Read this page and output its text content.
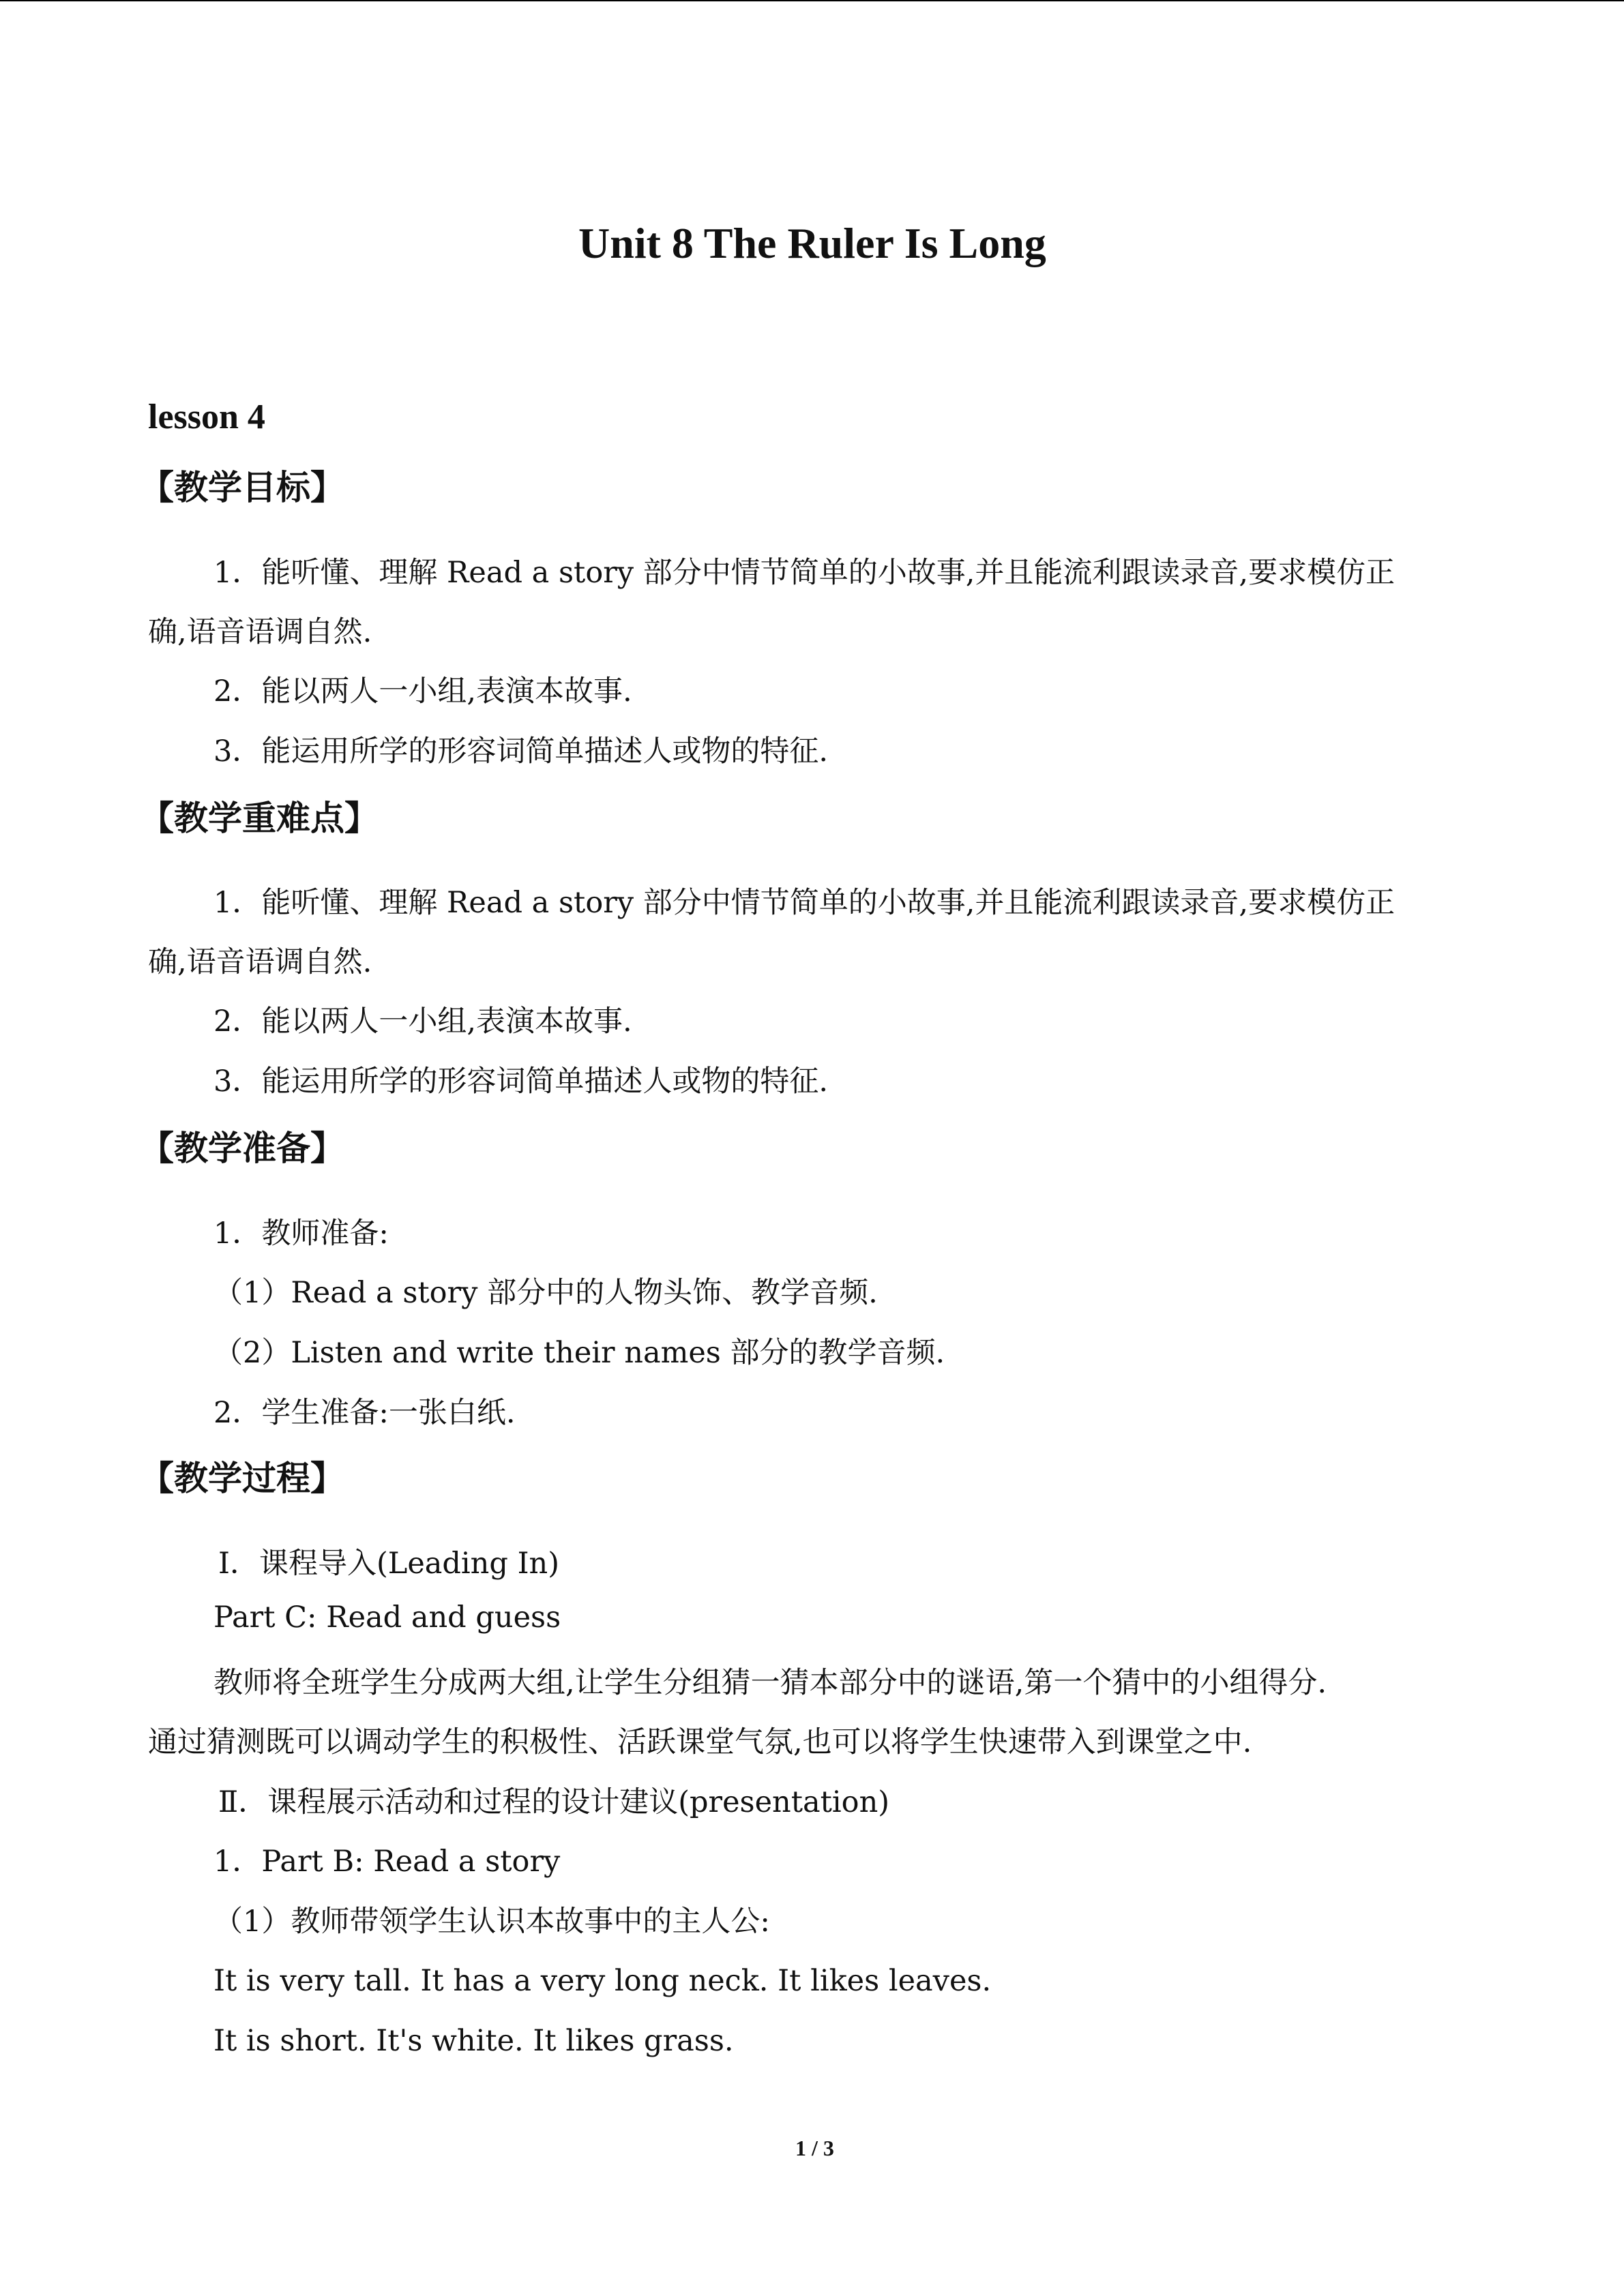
Unit 8 The Ruler Is Long
lesson 4
【教学目标】
1．能听懂、理解 Read a story 部分中情节简单的小故事,并且能流利跟读录音,要求模仿正
确,语音语调自然.
2．能以两人一小组,表演本故事.
3．能运用所学的形容词简单描述人或物的特征.
【教学重难点】
1．能听懂、理解 Read a story 部分中情节简单的小故事,并且能流利跟读录音,要求模仿正
确,语音语调自然.
2．能以两人一小组,表演本故事.
3．能运用所学的形容词简单描述人或物的特征.
【教学准备】
1．教师准备:
（1）Read a story 部分中的人物头饰、教学音频.
（2）Listen and write their names 部分的教学音频.
2．学生准备:一张白纸.
【教学过程】
Ⅰ．课程导入(Leading In)
Part C: Read and guess
教师将全班学生分成两大组,让学生分组猜一猜本部分中的谜语,第一个猜中的小组得分.
通过猜测既可以调动学生的积极性、活跃课堂气氛,也可以将学生快速带入到课堂之中.
Ⅱ．课程展示活动和过程的设计建议(presentation)
1．Part B: Read a story
（1）教师带领学生认识本故事中的主人公:
It is very tall. It has a very long neck. It likes leaves.
It is short. It's white. It likes grass.
1 / 3
